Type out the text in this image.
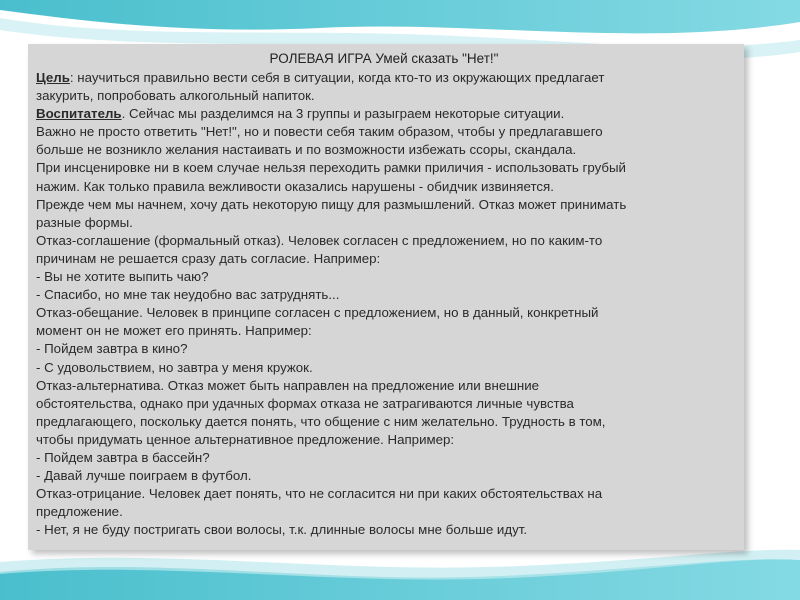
РОЛЕВАЯ ИГРА Умей сказать "Нет!"

Цель: научиться правильно вести себя в ситуации, когда кто-то из окружающих предлагает

закурить, попробовать алкогольный напиток.

Воспитатель. Сейчас мы разделимся на 3 группы и разыграем некоторые ситуации.

Важно не просто ответить "Нет!", но и повести себя таким образом, чтобы у предлагавшего

больше не возникло желания настаивать и по возможности избежать ссоры, скандала.

При инсценировке ни в коем случае нельзя переходить рамки приличия - использовать грубый

нажим. Как только правила вежливости оказались нарушены - обидчик извиняется.

Прежде чем мы начнем, хочу дать некоторую пищу для размышлений. Отказ может принимать

разные формы.

Отказ-соглашение (формальный отказ). Человек согласен с предложением, но по каким-то

причинам не решается сразу дать согласие. Например:

- Вы не хотите выпить чаю?

- Спасибо, но мне так неудобно вас затруднять...

Отказ-обещание. Человек в принципе согласен с предложением, но в данный, конкретный

момент он не может его принять. Например:

- Пойдем завтра в кино?

- С удовольствием, но завтра у меня кружок.

Отказ-альтернатива. Отказ может быть направлен на предложение или внешние

обстоятельства, однако при удачных формах отказа не затрагиваются личные чувства

предлагающего, поскольку дается понять, что общение с ним желательно. Трудность в том,

чтобы придумать ценное альтернативное предложение. Например:

- Пойдем завтра в бассейн?

- Давай лучше поиграем в футбол.

Отказ-отрицание. Человек дает понять, что не согласится ни при каких обстоятельствах на

предложение.

- Нет, я не буду постригать свои волосы, т.к. длинные волосы мне больше идут.
